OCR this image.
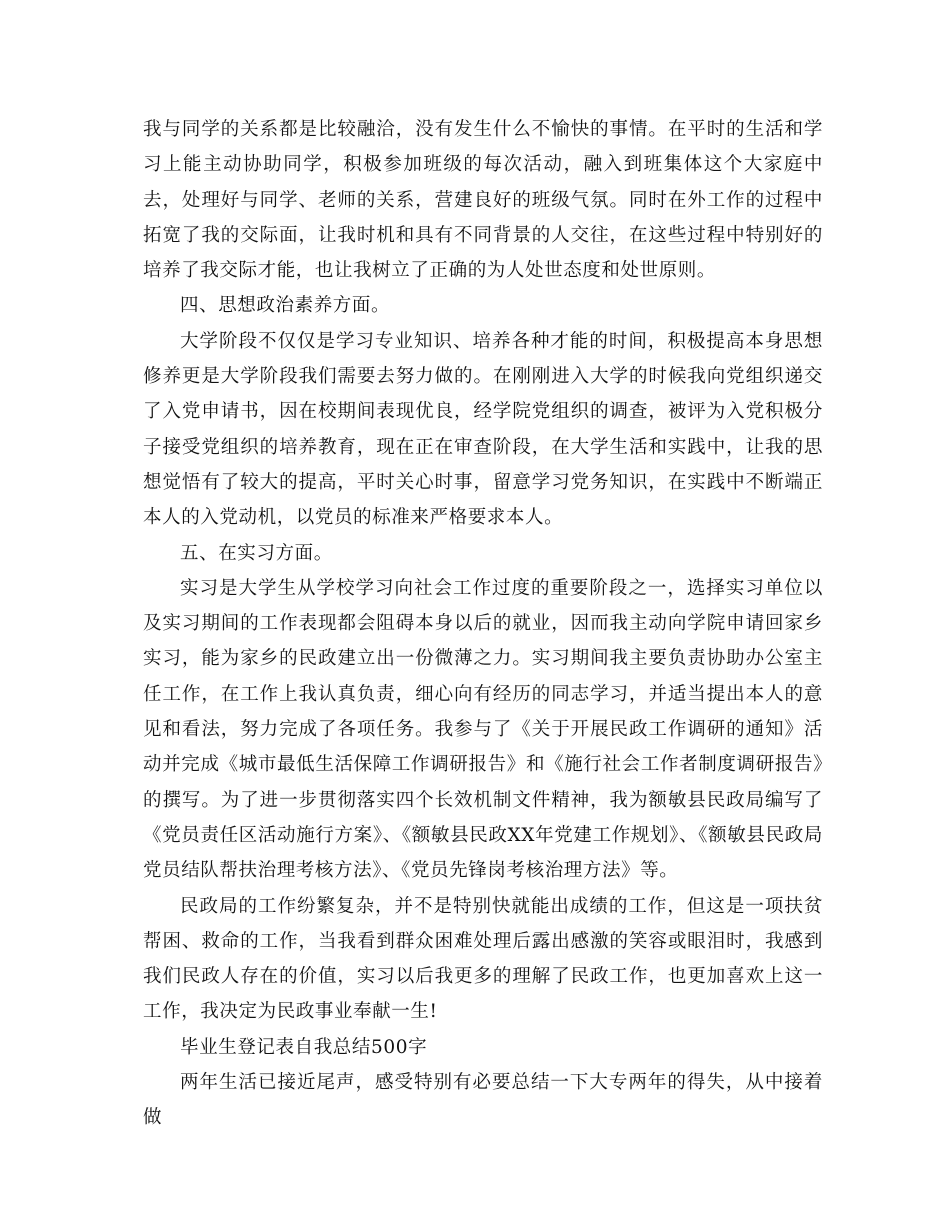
我与同学的关系都是比较融洽，没有发生什么不愉快的事情。在平时的生活和学习上能主动协助同学，积极参加班级的每次活动，融入到班集体这个大家庭中去，处理好与同学、老师的关系，营建良好的班级气氛。同时在外工作的过程中拓宽了我的交际面，让我时机和具有不同背景的人交往，在这些过程中特别好的培养了我交际才能，也让我树立了正确的为人处世态度和处世原则。

四、思想政治素养方面。

大学阶段不仅仅是学习专业知识、培养各种才能的时间，积极提高本身思想修养更是大学阶段我们需要去努力做的。在刚刚进入大学的时候我向党组织递交了入党申请书，因在校期间表现优良，经学院党组织的调查，被评为入党积极分子接受党组织的培养教育，现在正在审查阶段，在大学生活和实践中，让我的思想觉悟有了较大的提高，平时关心时事，留意学习党务知识，在实践中不断端正本人的入党动机，以党员的标准来严格要求本人。

五、在实习方面。

实习是大学生从学校学习向社会工作过度的重要阶段之一，选择实习单位以及实习期间的工作表现都会阻碍本身以后的就业，因而我主动向学院申请回家乡实习，能为家乡的民政建立出一份微薄之力。实习期间我主要负责协助办公室主任工作，在工作上我认真负责，细心向有经历的同志学习，并适当提出本人的意见和看法，努力完成了各项任务。我参与了《关于开展民政工作调研的通知》活动并完成《城市最低生活保障工作调研报告》和《施行社会工作者制度调研报告》的撰写。为了进一步贯彻落实四个长效机制文件精神，我为额敏县民政局编写了《党员责任区活动施行方案》、《额敏县民政XX年党建工作规划》、《额敏县民政局党员结队帮扶治理考核方法》、《党员先锋岗考核治理方法》等。

民政局的工作纷繁复杂，并不是特别快就能出成绩的工作，但这是一项扶贫帮困、救命的工作，当我看到群众困难处理后露出感激的笑容或眼泪时，我感到我们民政人存在的价值，实习以后我更多的理解了民政工作，也更加喜欢上这一工作，我决定为民政事业奉献一生!

毕业生登记表自我总结500字

两年生活已接近尾声，感受特别有必要总结一下大专两年的得失，从中接着做
